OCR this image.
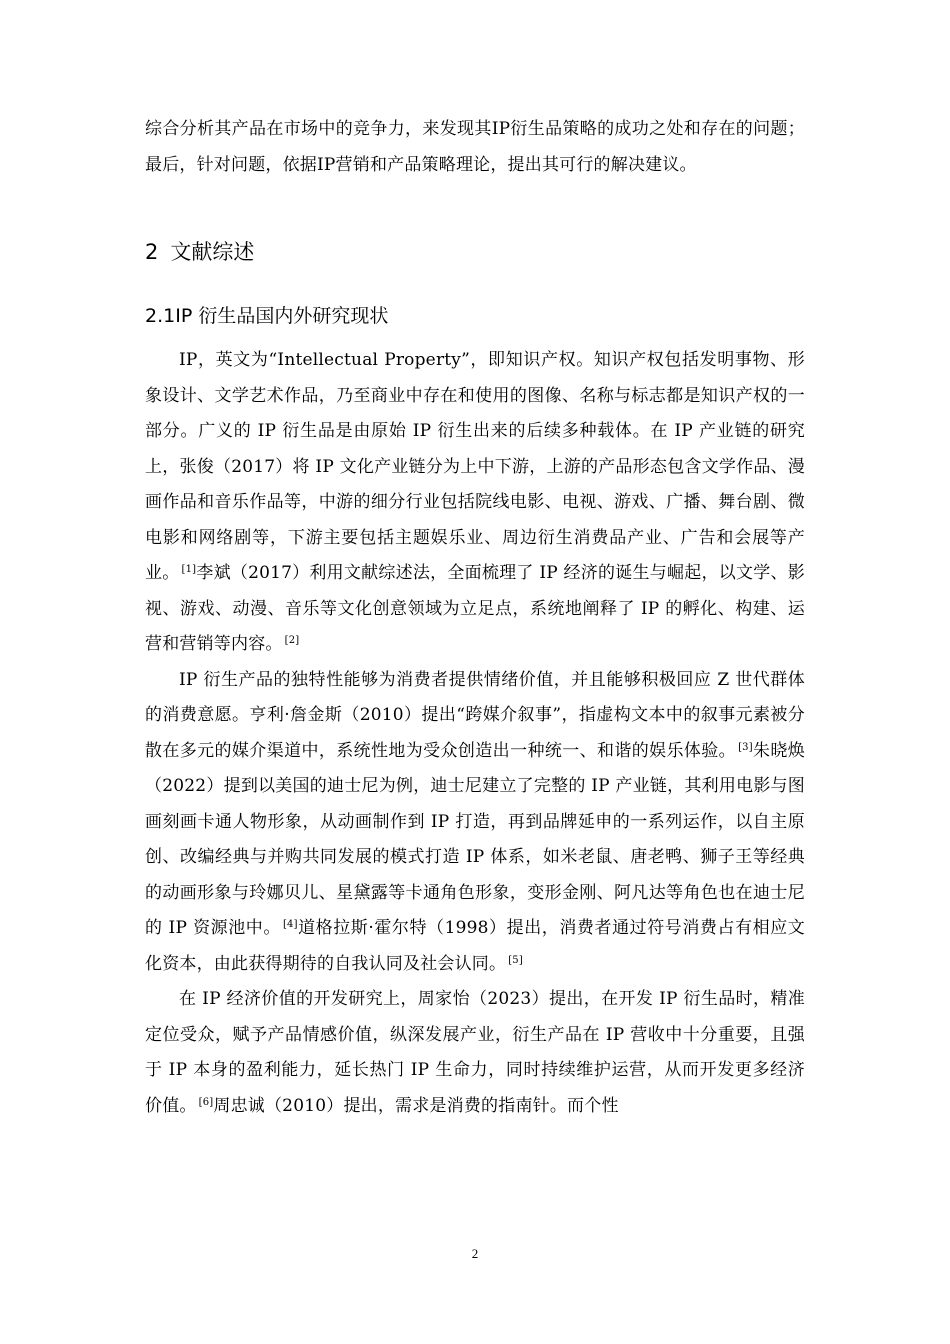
综合分析其产品在市场中的竞争力，来发现其IP衍生品策略的成功之处和存在的问题；最后，针对问题，依据IP营销和产品策略理论，提出其可行的解决建议。

2 文献综述
2.1IP 衍生品国内外研究现状

IP，英文为“Intellectual Property”，即知识产权。知识产权包括发明事物、形象设计、文学艺术作品，乃至商业中存在和使用的图像、名称与标志都是知识产权的一部分。广义的 IP 衍生品是由原始 IP 衍生出来的后续多种载体。在 IP 产业链的研究上，张俊（2017）将 IP 文化产业链分为上中下游，上游的产品形态包含文学作品、漫画作品和音乐作品等，中游的细分行业包括院线电影、电视、游戏、广播、舞台剧、微电影和网络剧等，下游主要包括主题娱乐业、周边衍生消费品产业、广告和会展等产业。 [1]李斌（2017）利用文献综述法，全面梳理了 IP 经济的诞生与崛起，以文学、影视、游戏、动漫、音乐等文化创意领域为立足点，系统地阐释了 IP 的孵化、构建、运营和营销等内容。 [2]

IP 衍生产品的独特性能够为消费者提供情绪价值，并且能够积极回应 Z 世代群体的消费意愿。亨利·詹金斯（2010）提出“跨媒介叙事”，指虚构文本中的叙事元素被分散在多元的媒介渠道中，系统性地为受众创造出一种统一、和谐的娱乐体验。 [3]朱晓焕（2022）提到以美国的迪士尼为例，迪士尼建立了完整的 IP 产业链，其利用电影与图画刻画卡通人物形象，从动画制作到 IP 打造，再到品牌延申的一系列运作，以自主原创、改编经典与并购共同发展的模式打造 IP 体系，如米老鼠、唐老鸭、狮子王等经典的动画形象与玲娜贝儿、星黛露等卡通角色形象，变形金刚、阿凡达等角色也在迪士尼的 IP 资源池中。 [4]道格拉斯·霍尔特（1998）提出，消费者通过符号消费占有相应文化资本，由此获得期待的自我认同及社会认同。 [5]

在 IP 经济价值的开发研究上，周家怡（2023）提出，在开发 IP 衍生品时，精准定位受众，赋予产品情感价值，纵深发展产业，衍生产品在 IP 营收中十分重要，且强于 IP 本身的盈利能力，延长热门 IP 生命力，同时持续维护运营，从而开发更多经济价值。 [6]周忠诚（2010）提出，需求是消费的指南针。而个性

2
